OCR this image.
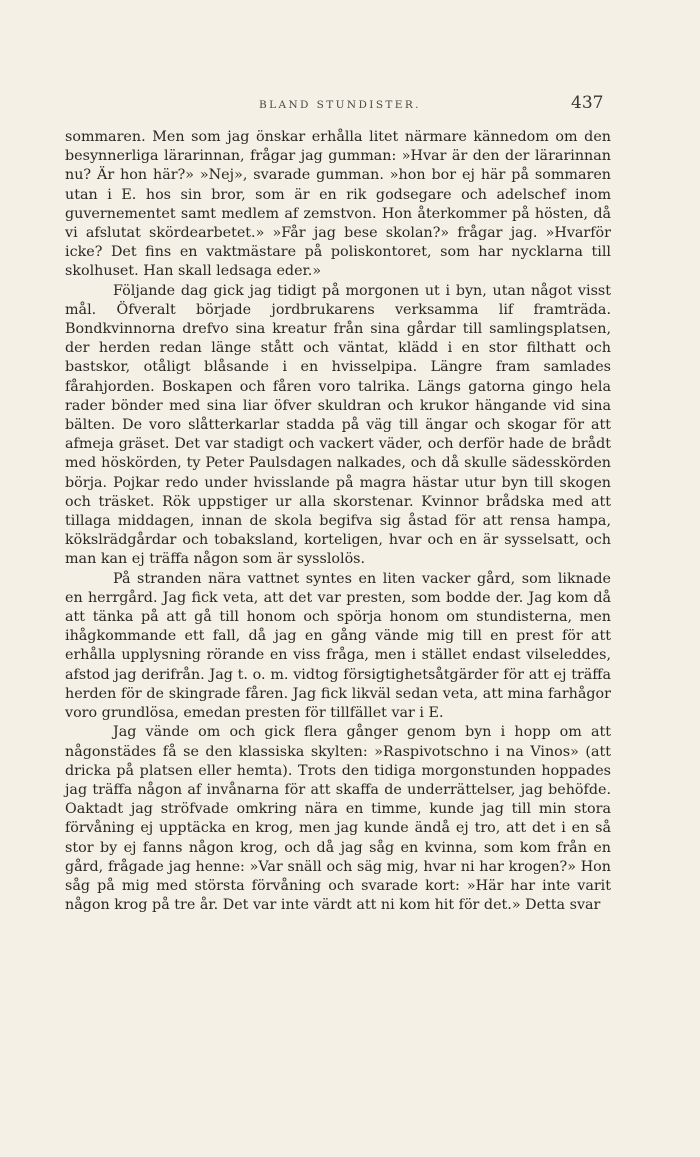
BLAND STUNDISTER.	437

sommaren. Men som jag önskar erhålla litet närmare kännedom om den besynnerliga lärarinnan, frågar jag gumman: »Hvar är den der lärarinnan nu? Är hon här?» »Nej», svarade gumman. »hon bor ej här på sommaren utan i E. hos sin bror, som är en rik godsegare och adelschef inom guvernementet samt medlem af zemstvon. Hon återkommer på hösten, då vi afslutat skördearbetet.» »Får jag bese skolan?» frågar jag. »Hvarför icke? Det fins en vaktmästare på poliskontoret, som har nycklarna till skolhuset. Han skall ledsaga eder.»

Följande dag gick jag tidigt på morgonen ut i byn, utan något visst mål. Öfveralt började jordbrukarens verksamma lif framträda. Bondkvinnorna drefvo sina kreatur från sina gårdar till samlingsplatsen, der herden redan länge stått och väntat, klädd i en stor filthatt och bastskor, otåligt blåsande i en hvisselpipa. Längre fram samlades fårahjorden. Boskapen och fåren voro talrika. Längs gatorna gingo hela rader bönder med sina liar öfver skuldran och krukor hängande vid sina bälten. De voro slåtterkarlar stadda på väg till ängar och skogar för att afmeja gräset. Det var stadigt och vackert väder, och derför hade de brådt med höskörden, ty Peter Paulsdagen nalkades, och då skulle sädesskörden börja. Pojkar redo under hvisslande på magra hästar utur byn till skogen och träsket. Rök uppstiger ur alla skorstenar. Kvinnor brådska med att tillaga middagen, innan de skola begifva sig åstad för att rensa hampa, kökslrädgårdar och tobaksland, korteligen, hvar och en är sysselsatt, och man kan ej träffa någon som är sysslolös.

På stranden nära vattnet syntes en liten vacker gård, som liknade en herrgård. Jag fick veta, att det var presten, som bodde der. Jag kom då att tänka på att gå till honom och spörja honom om stundisterna, men ihågkommande ett fall, då jag en gång vände mig till en prest för att erhålla upplysning rörande en viss fråga, men i stället endast vilseleddes, afstod jag derifrån. Jag t. o. m. vidtog försigtighetsåtgärder för att ej träffa herden för de skingrade fåren. Jag fick likväl sedan veta, att mina farhågor voro grundlösa, emedan presten för tillfället var i E.

Jag vände om och gick flera gånger genom byn i hopp om att någonstädes få se den klassiska skylten: »Raspivotschno i na Vinos» (att dricka på platsen eller hemta). Trots den tidiga morgonstunden hoppades jag träffa någon af invånarna för att skaffa de underrättelser, jag behöfde. Oaktadt jag ströfvade omkring nära en timme, kunde jag till min stora förvåning ej upptäcka en krog, men jag kunde ändå ej tro, att det i en så stor by ej fanns någon krog, och då jag såg en kvinna, som kom från en gård, frågade jag henne: »Var snäll och säg mig, hvar ni har krogen?» Hon såg på mig med största förvåning och svarade kort: »Här har inte varit någon krog på tre år. Det var inte värdt att ni kom hit för det.» Detta svar
